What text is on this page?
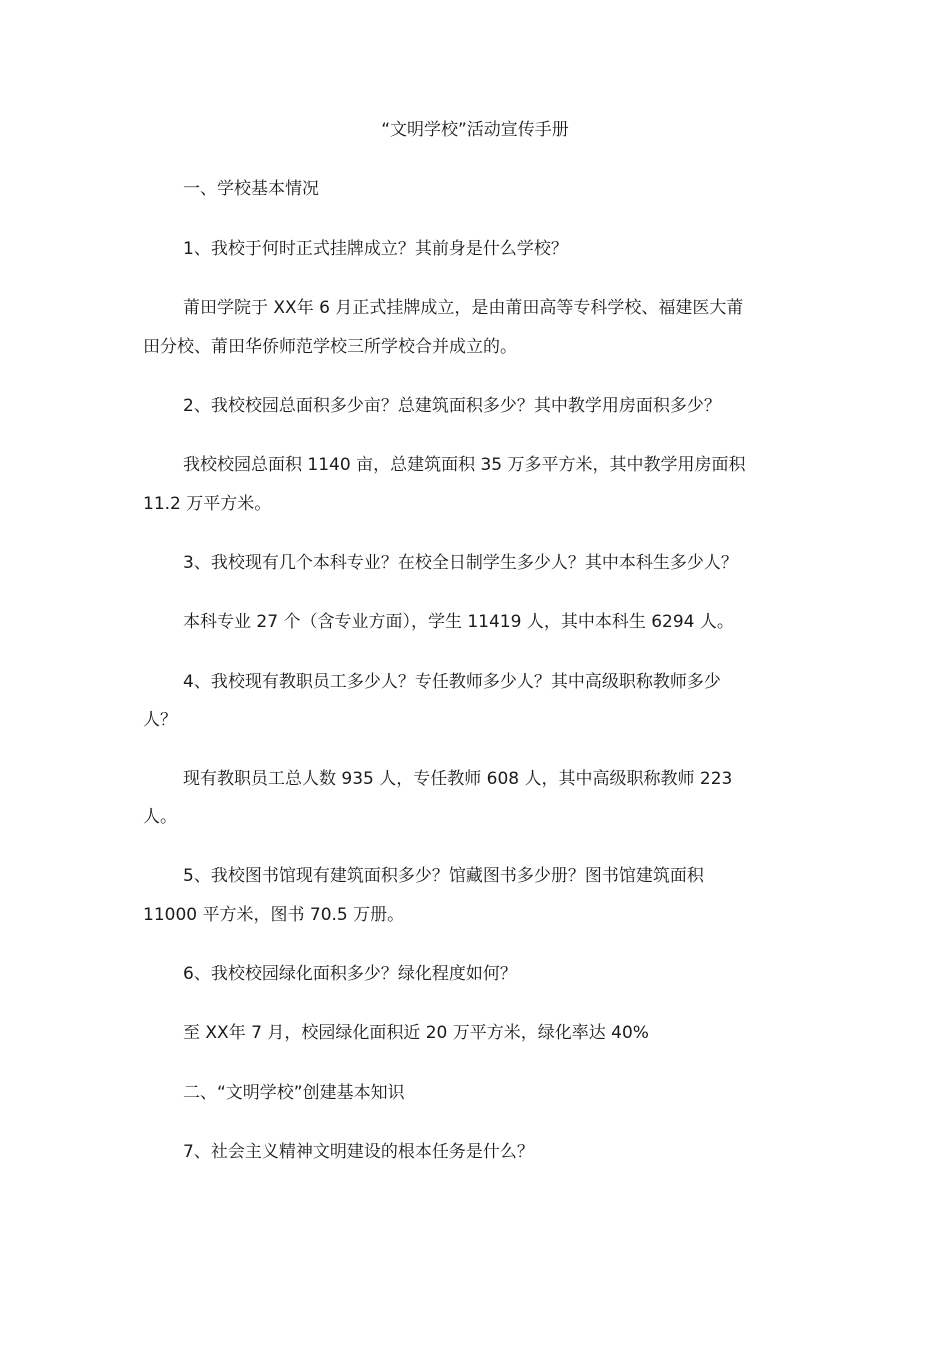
“文明学校”活动宣传手册
一、学校基本情况
1、我校于何时正式挂牌成立？其前身是什么学校？
莆田学院于 XX年 6 月正式挂牌成立，是由莆田高等专科学校、福建医大莆
田分校、莆田华侨师范学校三所学校合并成立的。
2、我校校园总面积多少亩？总建筑面积多少？其中教学用房面积多少？
我校校园总面积 1140 亩，总建筑面积 35 万多平方米，其中教学用房面积
11.2 万平方米。
3、我校现有几个本科专业？在校全日制学生多少人？其中本科生多少人？
本科专业 27 个（含专业方面），学生 11419 人，其中本科生 6294 人。
4、我校现有教职员工多少人？专任教师多少人？其中高级职称教师多少
人？
现有教职员工总人数 935 人，专任教师 608 人，其中高级职称教师 223
人。
5、我校图书馆现有建筑面积多少？馆藏图书多少册？图书馆建筑面积
11000 平方米，图书 70.5 万册。
6、我校校园绿化面积多少？绿化程度如何？
至 XX年 7 月，校园绿化面积近 20 万平方米，绿化率达 40%
二、“文明学校”创建基本知识
7、社会主义精神文明建设的根本任务是什么？
